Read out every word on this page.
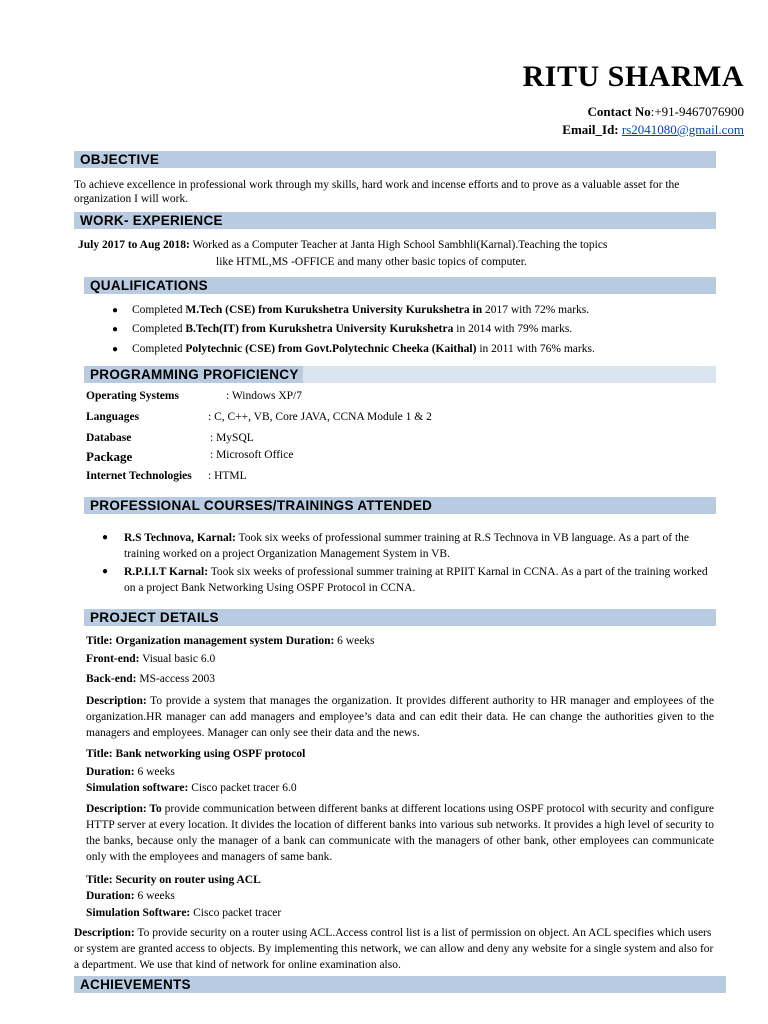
RITU SHARMA
Contact No:+91-9467076900
Email_Id: rs2041080@gmail.com
OBJECTIVE
To achieve excellence in professional work through my skills, hard work and incense efforts and to prove as a valuable asset for the organization I will work.
WORK- EXPERIENCE
July 2017 to Aug 2018: Worked as a Computer Teacher at Janta High School Sambhli(Karnal).Teaching the topics
like HTML,MS -OFFICE and many other basic topics of computer.
QUALIFICATIONS
● Completed M.Tech (CSE) from Kurukshetra University Kurukshetra in 2017 with 72% marks.
● Completed B.Tech(IT) from Kurukshetra University Kurukshetra in 2014 with 79% marks.
● Completed Polytechnic (CSE) from Govt.Polytechnic Cheeka (Kaithal) in 2011 with 76% marks.
PROGRAMMING PROFICIENCY
Operating Systems	: Windows XP/7
Languages	: C, C++, VB, Core JAVA, CCNA Module 1 & 2
Database	: MySQL
Package	: Microsoft Office
Internet Technologies : HTML
PROFESSIONAL COURSES/TRAININGS ATTENDED
● R.S Technova, Karnal: Took six weeks of professional summer training at R.S Technova in VB language. As a part of the training worked on a project Organization Management System in VB.
● R.P.I.I.T Karnal: Took six weeks of professional summer training at RPIIT Karnal in CCNA. As a part of the training worked on a project Bank Networking Using OSPF Protocol in CCNA.
PROJECT DETAILS
Title: Organization management system Duration: 6 weeks
Front-end: Visual basic 6.0
Back-end: MS-access 2003
Description: To provide a system that manages the organization. It provides different authority to HR manager and employees of the organization.HR manager can add managers and employee’s data and can edit their data. He can change the authorities given to the managers and employees. Manager can only see their data and the news.
Title: Bank networking using OSPF protocol
Duration: 6 weeks
Simulation software: Cisco packet tracer 6.0
Description: To provide communication between different banks at different locations using OSPF protocol with security and configure HTTP server at every location. It divides the location of different banks into various sub networks. It provides a high level of security to the banks, because only the manager of a bank can communicate with the managers of other bank, other employees can communicate only with the employees and managers of same bank.
Title: Security on router using ACL
Duration: 6 weeks
Simulation Software: Cisco packet tracer
Description: To provide security on a router using ACL.Access control list is a list of permission on object. An ACL specifies which users or system are granted access to objects. By implementing this network, we can allow and deny any website for a single system and also for a department. We use that kind of network for online examination also.
ACHIEVEMENTS
